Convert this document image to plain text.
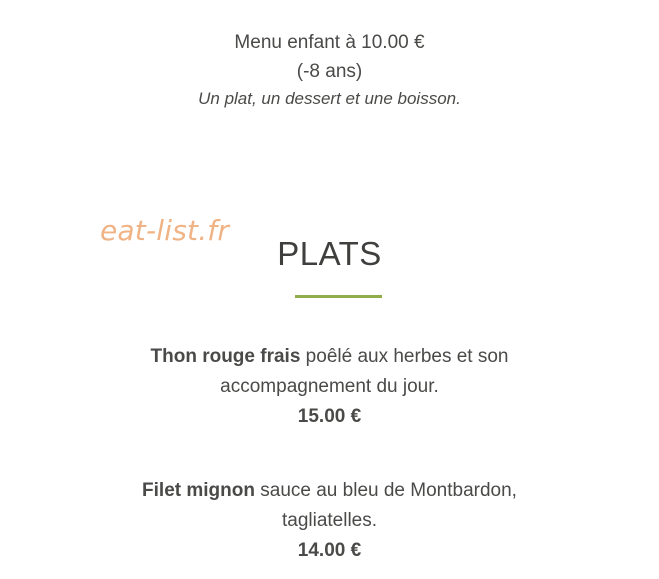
Menu enfant à 10.00 €
(-8 ans)
Un plat, un dessert et une boisson.
eat-list.fr
PLATS
Thon rouge frais poêlé aux herbes et son
accompagnement du jour.
15.00 €
Filet mignon sauce au bleu de Montbardon,
tagliatelles.
14.00 €
